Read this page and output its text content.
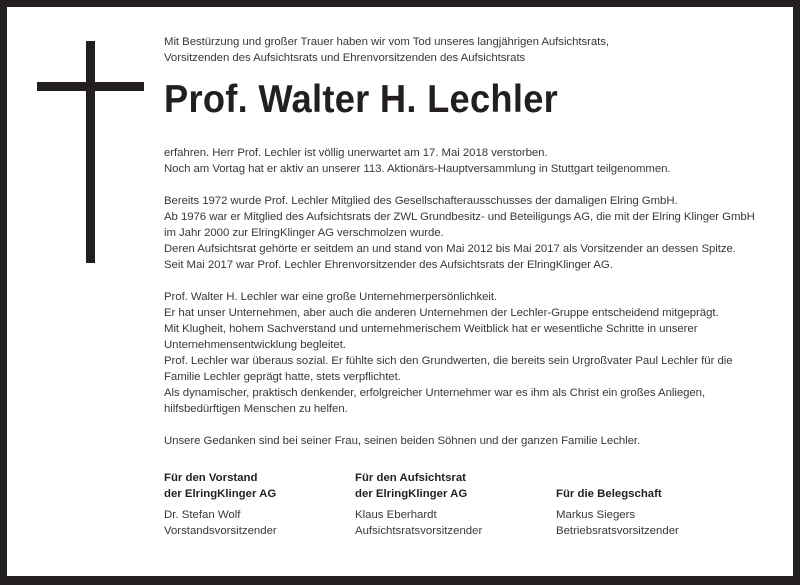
Mit Bestürzung und großer Trauer haben wir vom Tod unseres langjährigen Aufsichtsrats,

Vorsitzenden des Aufsichtsrats und Ehrenvorsitzenden des Aufsichtsrats

Prof. Walter H. Lechler
erfahren. Herr Prof. Lechler ist völlig unerwartet am 17. Mai 2018 verstorben.
Noch am Vortag hat er aktiv an unserer 113. Aktionärs-Hauptversammlung in Stuttgart teilgenommen.
Bereits 1972 wurde Prof. Lechler Mitglied des Gesellschafterausschusses der damaligen Elring GmbH.
Ab 1976 war er Mitglied des Aufsichtsrats der ZWL Grundbesitz- und Beteiligungs AG, die mit der Elring Klinger GmbH
im Jahr 2000 zur ElringKlinger AG verschmolzen wurde.
Deren Aufsichtsrat gehörte er seitdem an und stand von Mai 2012 bis Mai 2017 als Vorsitzender an dessen Spitze.
Seit Mai 2017 war Prof. Lechler Ehrenvorsitzender des Aufsichtsrats der ElringKlinger AG.
Prof. Walter H. Lechler war eine große Unternehmerpersönlichkeit.
Er hat unser Unternehmen, aber auch die anderen Unternehmen der Lechler-Gruppe entscheidend mitgeprägt.
Mit Klugheit, hohem Sachverstand und unternehmerischem Weitblick hat er wesentliche Schritte in unserer
Unternehmensentwicklung begleitet.
Prof. Lechler war überaus sozial. Er fühlte sich den Grundwerten, die bereits sein Urgroßvater Paul Lechler für die
Familie Lechler geprägt hatte, stets verpflichtet.
Als dynamischer, praktisch denkender, erfolgreicher Unternehmer war es ihm als Christ ein großes Anliegen,
hilfsbedürftigen Menschen zu helfen.
Unsere Gedanken sind bei seiner Frau, seinen beiden Söhnen und der ganzen Familie Lechler.
Für den Vorstand
der ElringKlinger AG
Dr. Stefan Wolf
Vorstandsvorsitzender
Für den Aufsichtsrat
der ElringKlinger AG
Klaus Eberhardt
Aufsichtsratsvorsitzender
Für die Belegschaft
Markus Siegers
Betriebsratsvorsitzender
